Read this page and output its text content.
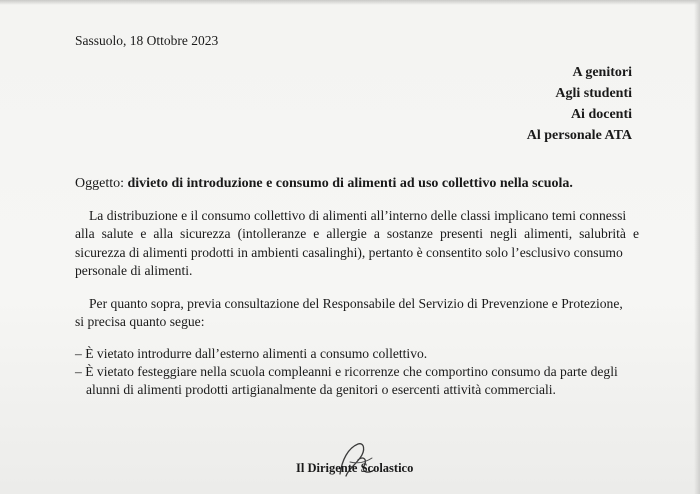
Sassuolo, 18 Ottobre 2023
A genitori
Agli studenti
Ai docenti
Al personale ATA
Oggetto: divieto di introduzione e consumo di alimenti ad uso collettivo nella scuola.
La distribuzione e il consumo collettivo di alimenti all’interno delle classi implicano temi connessi
alla salute e alla sicurezza (intolleranze e allergie a sostanze presenti negli alimenti, salubrità e
sicurezza di alimenti prodotti in ambienti casalinghi), pertanto è consentito solo l’esclusivo consumo
personale di alimenti.
Per quanto sopra, previa consultazione del Responsabile del Servizio di Prevenzione e Protezione,
si precisa quanto segue:
– È vietato introdurre dall’esterno alimenti a consumo collettivo.
– È vietato festeggiare nella scuola compleanni e ricorrenze che comportino consumo da parte degli
alunni di alimenti prodotti artigianalmente da genitori o esercenti attività commerciali.
Il Dirigente Scolastico
